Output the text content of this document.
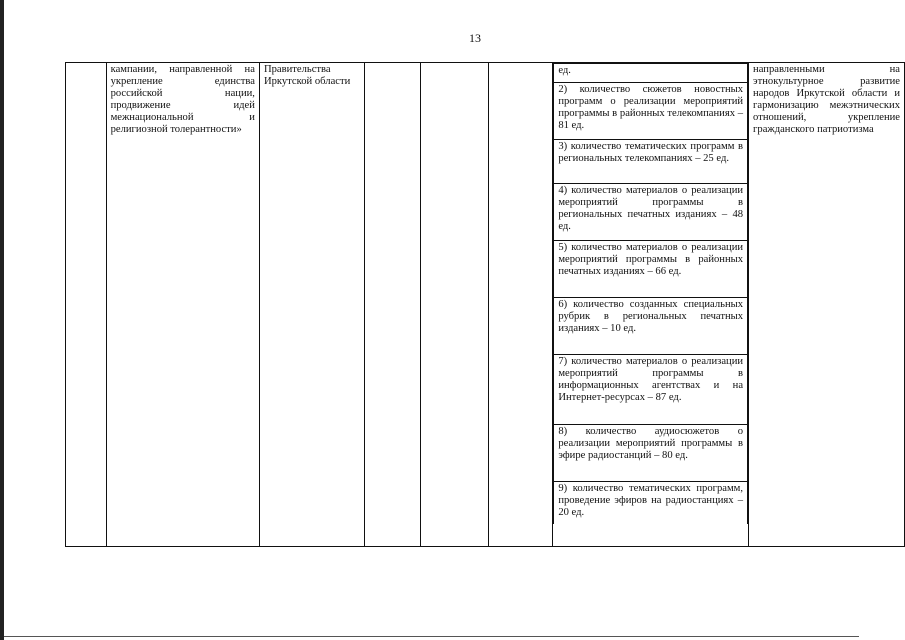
13

кампании, направленной на укрепление единства российской нации, продвижение идей межнациональной и религиозной толерантности»

Правительства Иркутской области

ед.
2) количество сюжетов новостных программ о реализации мероприятий программы в районных телекомпаниях – 81 ед.
3) количество тематических программ в региональных телекомпаниях – 25 ед.
4) количество материалов о реализации мероприятий программы в региональных печатных изданиях – 48 ед.
5) количество материалов о реализации мероприятий программы в районных печатных изданиях – 66 ед.
6) количество созданных специальных рубрик в региональных печатных изданиях – 10 ед.
7) количество материалов о реализации мероприятий программы в информационных агентствах и на Интернет-ресурсах – 87 ед.
8) количество аудиосюжетов о реализации мероприятий программы в эфире радиостанций – 80 ед.
9) количество тематических программ, проведение эфиров на радиостанциях – 20 ед.

направленными на этнокультурное развитие народов Иркутской области и гармонизацию межэтнических отношений, укрепление гражданского патриотизма
